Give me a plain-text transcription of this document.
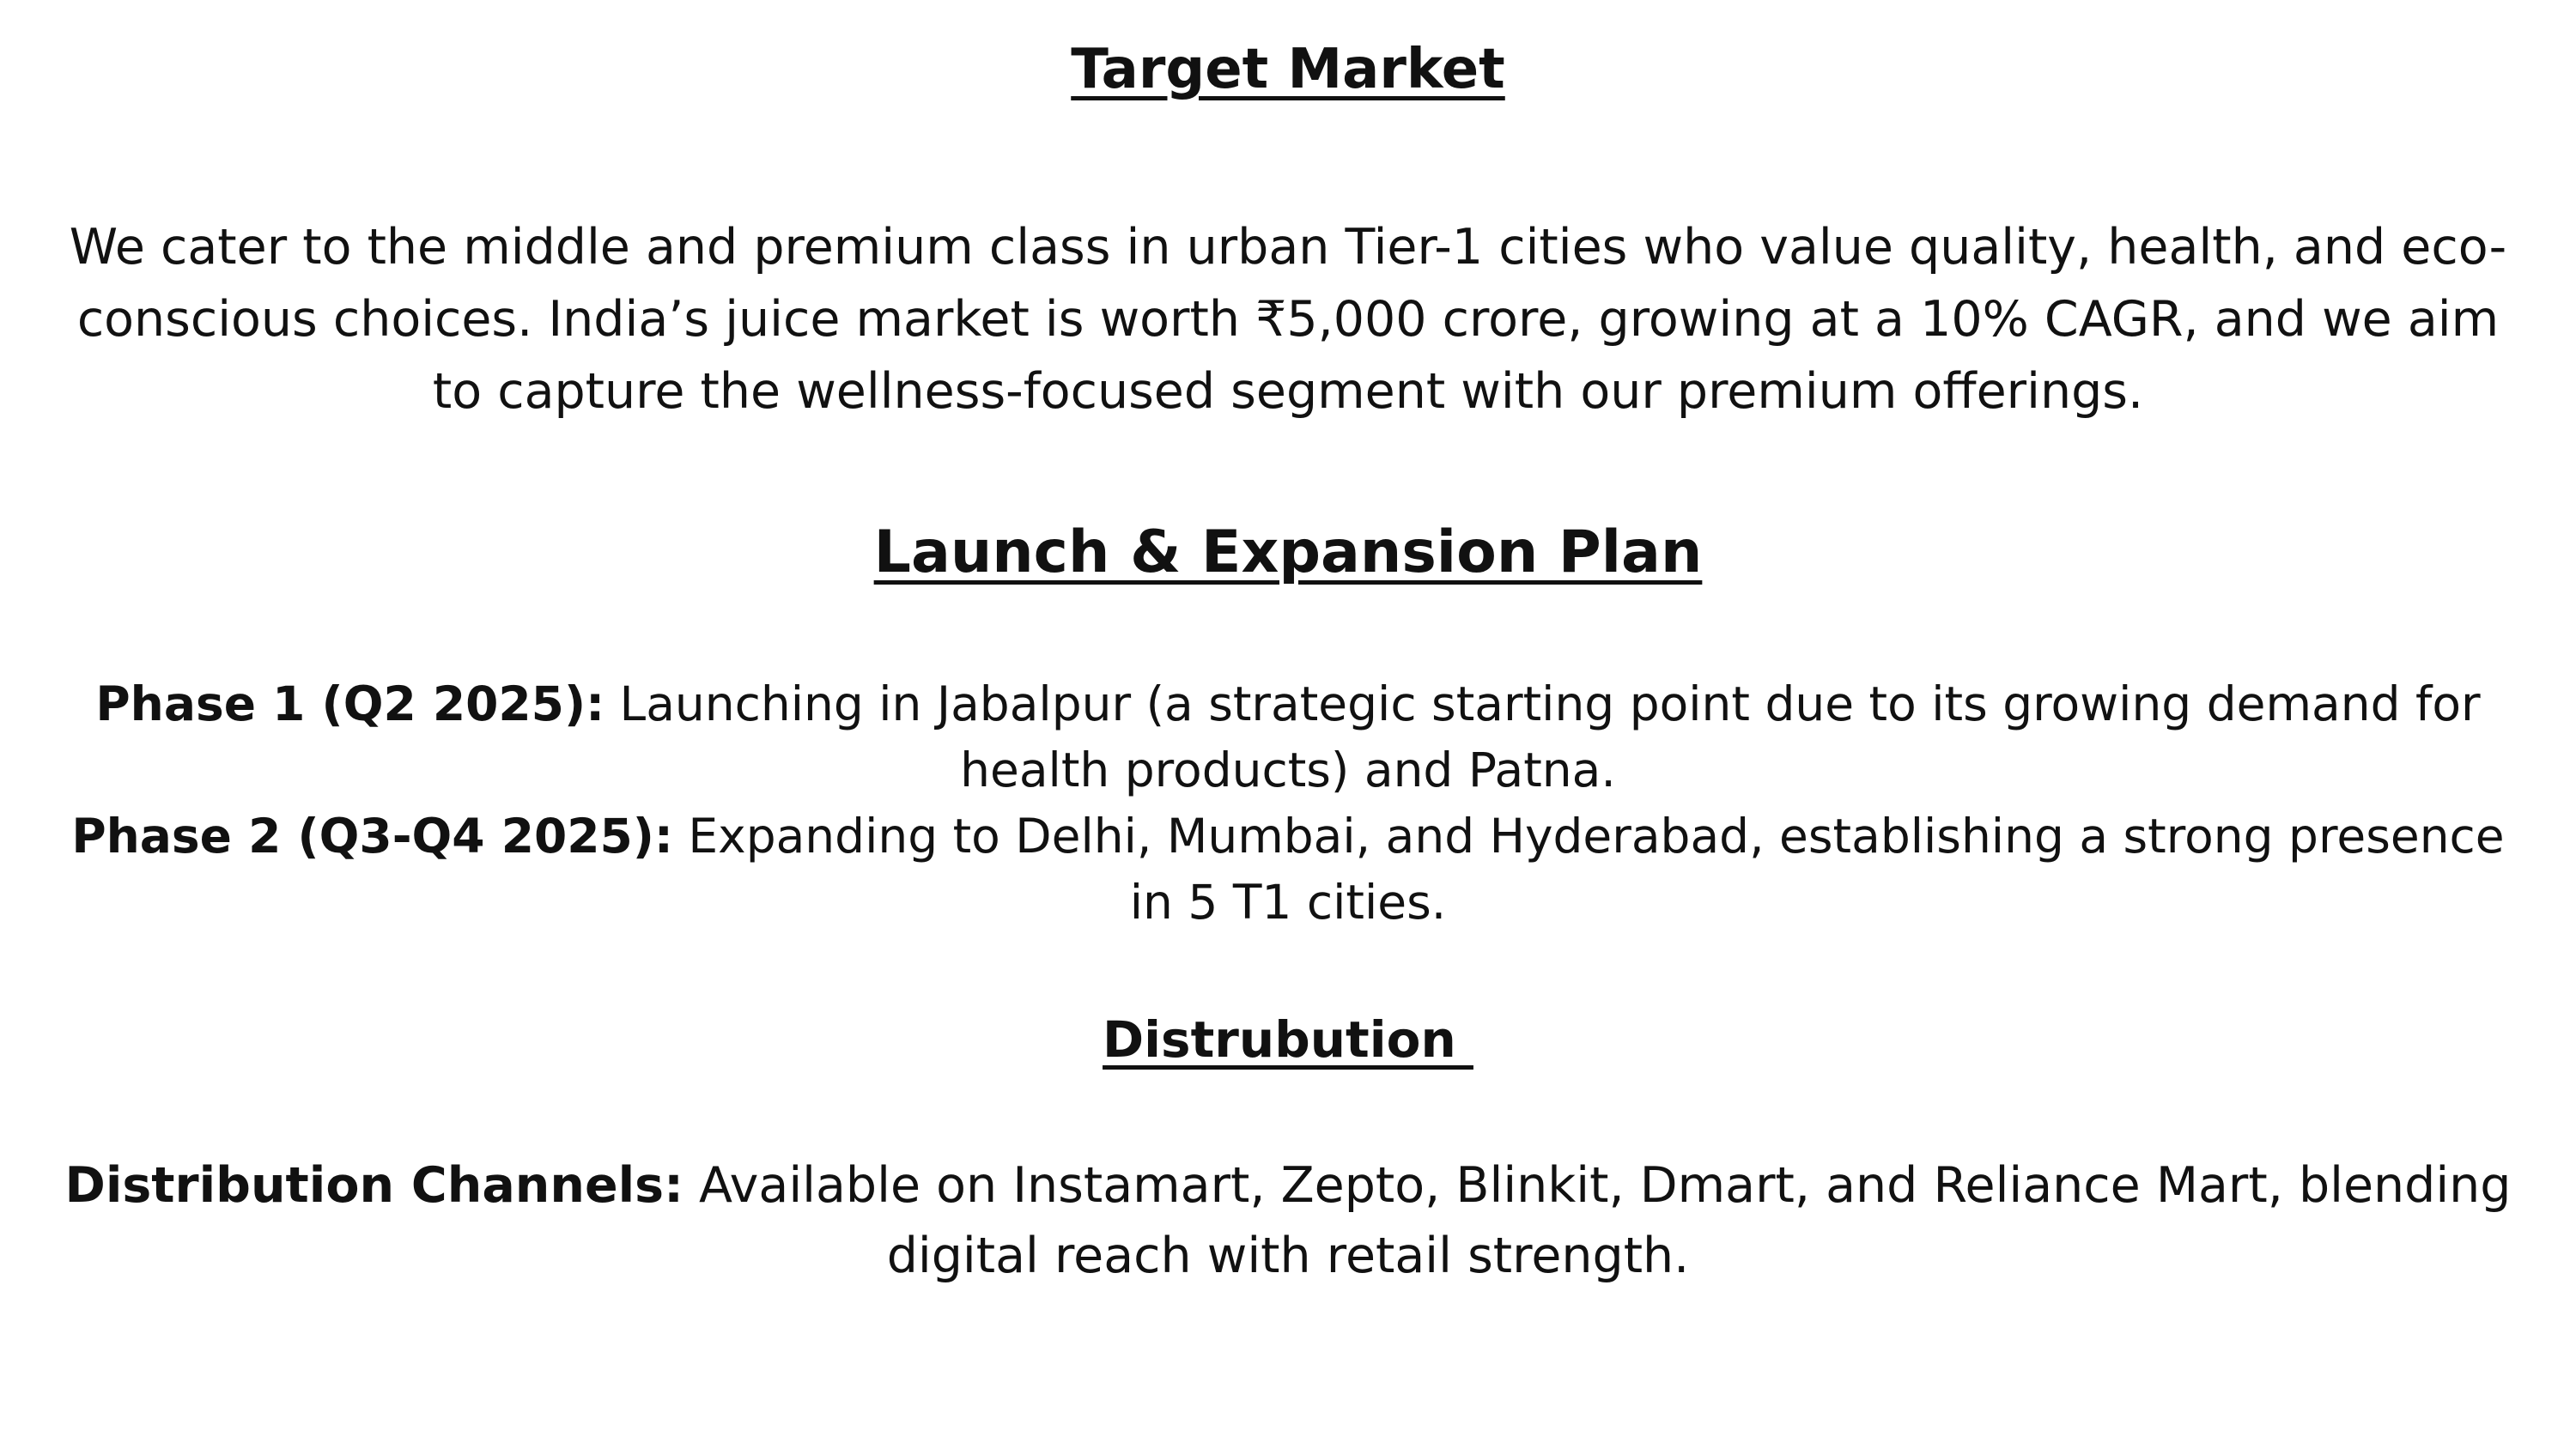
Target Market

We cater to the middle and premium class in urban Tier-1 cities who value quality, health, and eco-conscious choices. India’s juice market is worth ₹5,000 crore, growing at a 10% CAGR, and we aim to capture the wellness-focused segment with our premium offerings.

Launch & Expansion Plan

Phase 1 (Q2 2025): Launching in Jabalpur (a strategic starting point due to its growing demand for health products) and Patna.

Phase 2 (Q3-Q4 2025): Expanding to Delhi, Mumbai, and Hyderabad, establishing a strong presence in 5 T1 cities.

Distrubution

Distribution Channels: Available on Instamart, Zepto, Blinkit, Dmart, and Reliance Mart, blending digital reach with retail strength.
